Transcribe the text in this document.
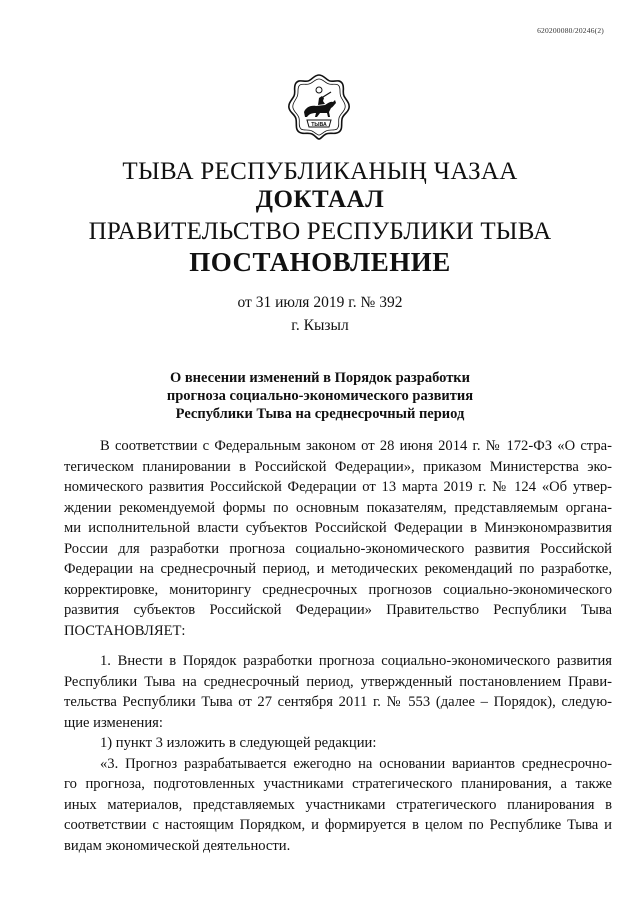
620200080/20246(2)
ТЫВА
ТЫВА РЕСПУБЛИКАНЫҢ ЧАЗАА
ДОКТААЛ
ПРАВИТЕЛЬСТВО РЕСПУБЛИКИ ТЫВА
ПОСТАНОВЛЕНИЕ
от 31 июля 2019 г. № 392
г. Кызыл
О внесении изменений в Порядок разработки
прогноза социально-экономического развития
Республики Тыва на среднесрочный период
В соответствии с Федеральным законом от 28 июня 2014 г. № 172-ФЗ «О стра-
тегическом планировании в Российской Федерации», приказом Министерства эко-
номического развития Российской Федерации от 13 марта 2019 г. № 124 «Об утвер-
ждении рекомендуемой формы по основным показателям, представляемым органа-
ми исполнительной власти субъектов Российской Федерации в Минэкономразвития
России для разработки прогноза социально-экономического развития Российской
Федерации на среднесрочный период, и методических рекомендаций по разработке,
корректировке, мониторингу среднесрочных прогнозов социально-экономического
развития субъектов Российской Федерации» Правительство Республики Тыва
ПОСТАНОВЛЯЕТ:
1. Внести в Порядок разработки прогноза социально-экономического развития
Республики Тыва на среднесрочный период, утвержденный постановлением Прави-
тельства Республики Тыва от 27 сентября 2011 г. № 553 (далее – Порядок), следую-
щие изменения:
1) пункт 3 изложить в следующей редакции:
«3. Прогноз разрабатывается ежегодно на основании вариантов среднесрочно-
го прогноза, подготовленных участниками стратегического планирования, а также
иных материалов, представляемых участниками стратегического планирования в
соответствии с настоящим Порядком, и формируется в целом по Республике Тыва и
видам экономической деятельности.
